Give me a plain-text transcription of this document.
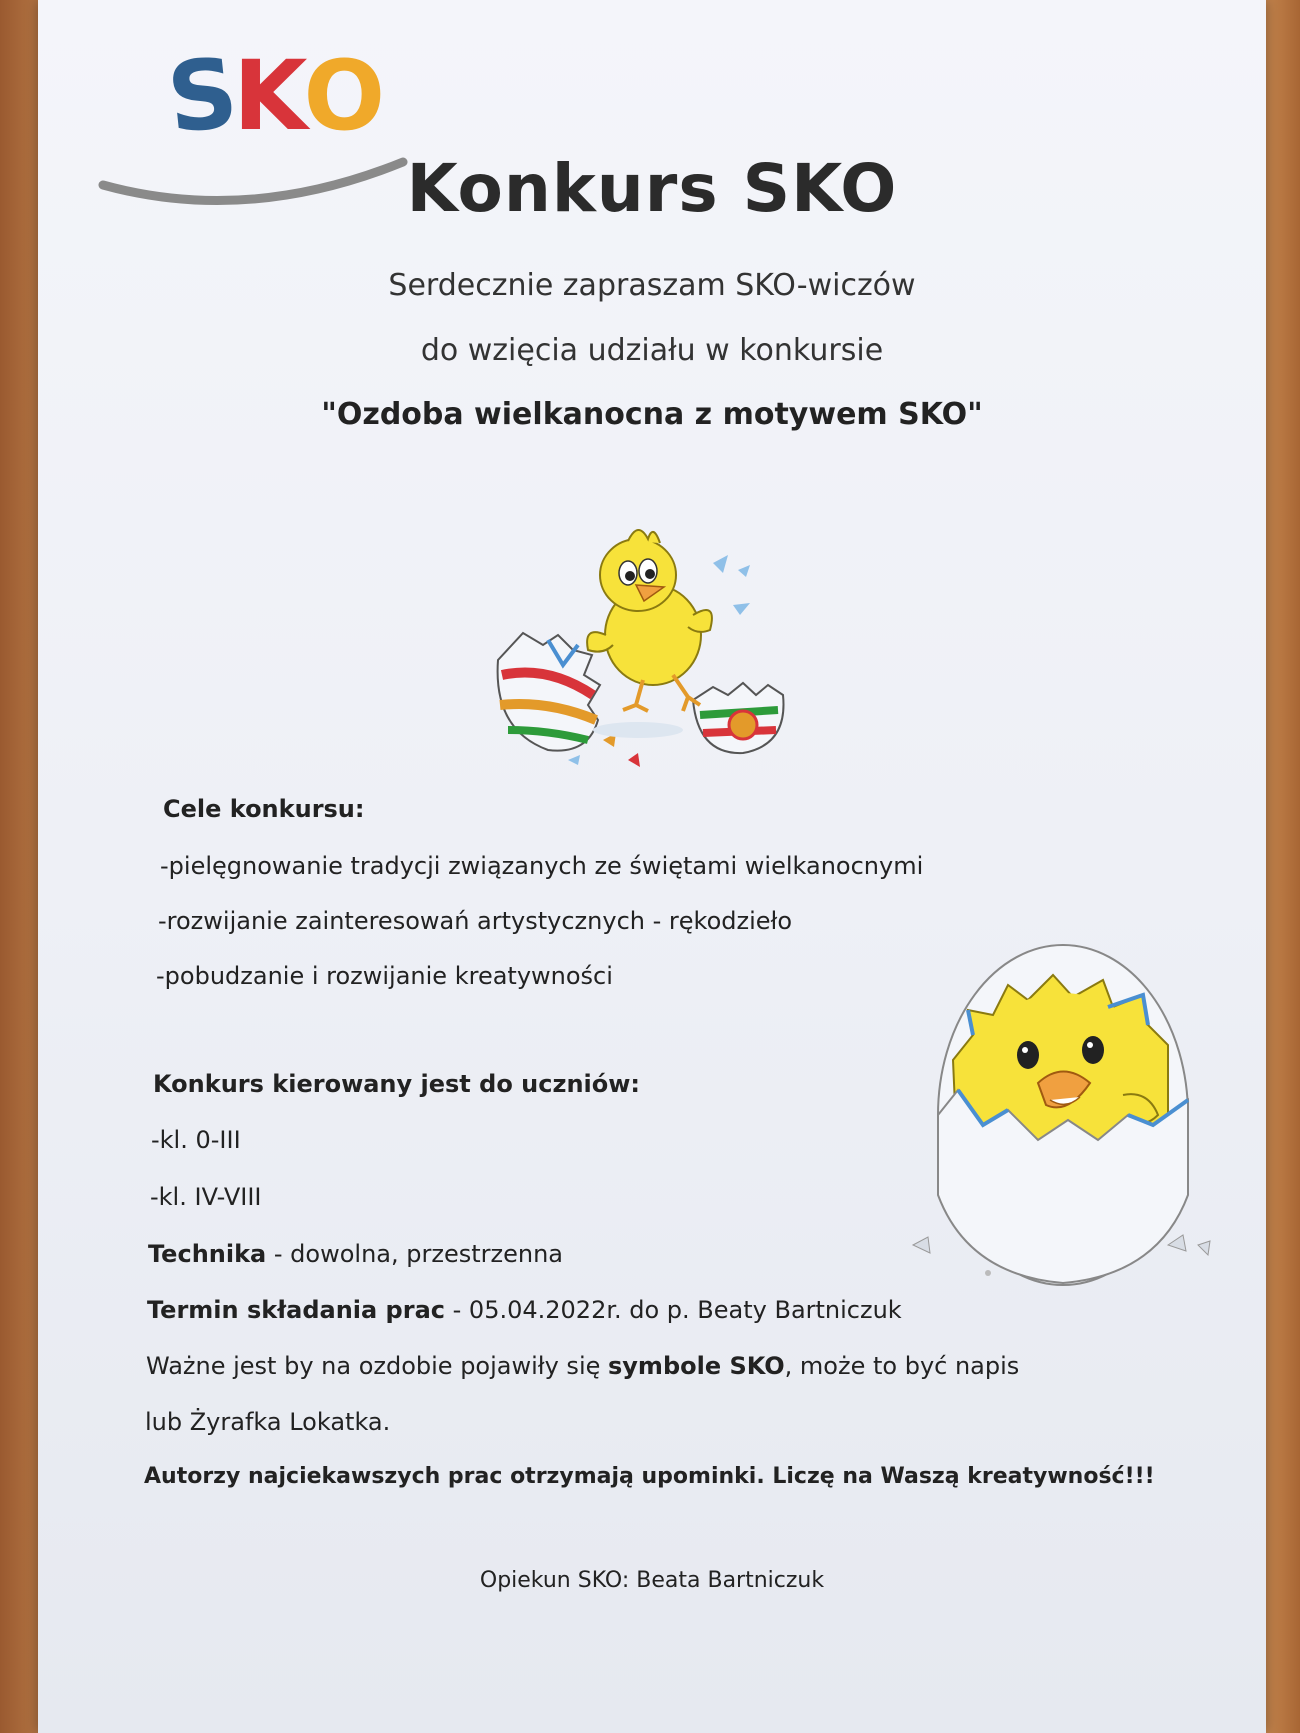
SKO
Konkurs SKO
Serdecznie zapraszam SKO-wiczów
do wzięcia udziału w konkursie
"Ozdoba wielkanocna z motywem SKO"
Cele konkursu:
-pielęgnowanie tradycji związanych ze świętami wielkanocnymi
-rozwijanie zainteresowań artystycznych - rękodzieło
-pobudzanie i rozwijanie kreatywności
Konkurs kierowany jest do uczniów:
-kl. 0-III
-kl. IV-VIII
Technika - dowolna, przestrzenna
Termin składania prac - 05.04.2022r. do p. Beaty Bartniczuk
Ważne jest by na ozdobie pojawiły się symbole SKO, może to być napis
lub Żyrafka Lokatka.
Autorzy najciekawszych prac otrzymają upominki. Liczę na Waszą kreatywność!!!
Opiekun SKO: Beata Bartniczuk
